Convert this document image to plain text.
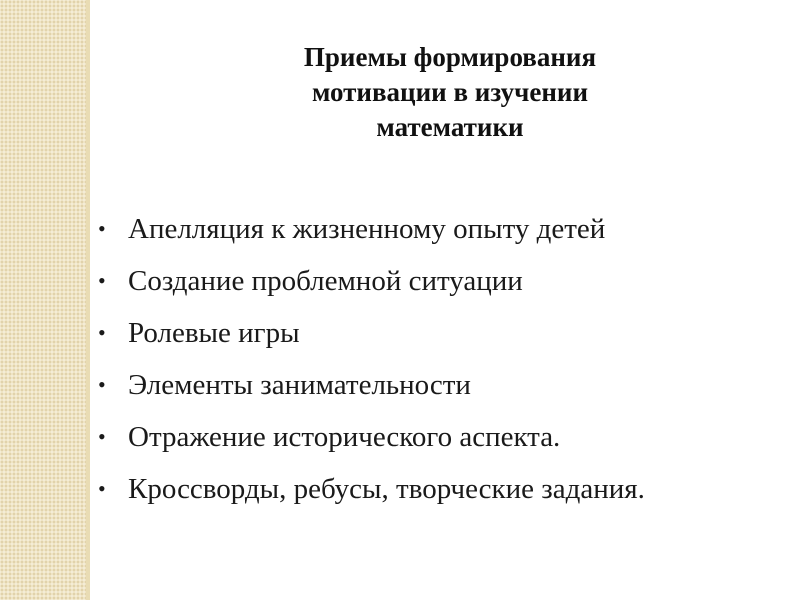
Приемы формирования
мотивации в изучении
математики
• Апелляция к жизненному опыту детей
• Создание проблемной ситуации
• Ролевые игры
• Элементы занимательности
• Отражение исторического аспекта.
• Кроссворды, ребусы, творческие задания.
